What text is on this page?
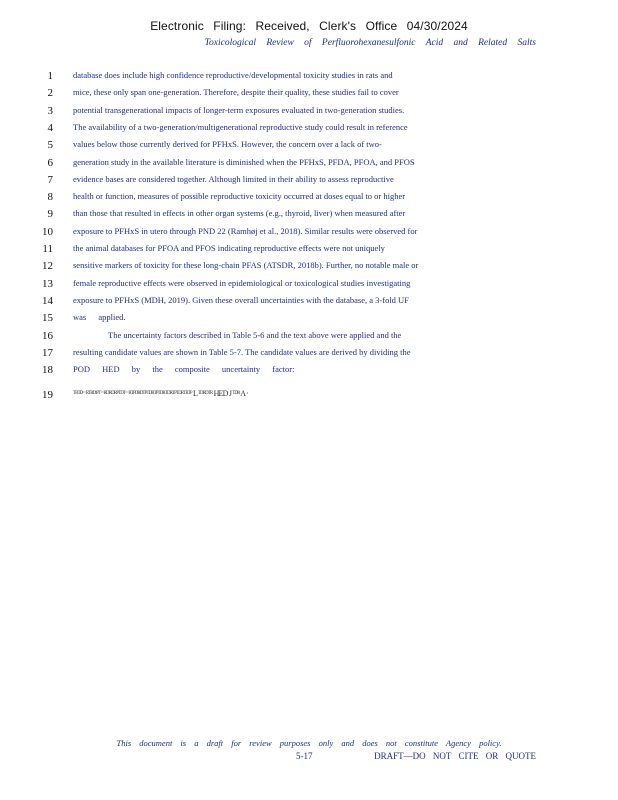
Electronic Filing: Received, Clerk's Office 04/30/2024
Toxicological Review of Perfluorohexanesulfonic Acid and Related Salts
1 database does include high confidence reproductive/developmental toxicity studies in rats and
2 mice, these only span one-generation. Therefore, despite their quality, these studies fail to cover
3 potential transgenerational impacts of longer-term exposures evaluated in two-generation studies.
4 The availability of a two-generation/multigenerational reproductive study could result in reference
5 values below those currently derived for PFHxS. However, the concern over a lack of two-
6 generation study in the available literature is diminished when the PFHxS, PFDA, PFOA, and PFOS
7 evidence bases are considered together. Although limited in their ability to assess reproductive
8 health or function, measures of possible reproductive toxicity occurred at doses equal to or higher
9 than those that resulted in effects in other organ systems (e.g., thyroid, liver) when measured after
10 exposure to PFHxS in utero through PND 22 (Ramhøj et al., 2018). Similar results were observed for
11 the animal databases for PFOA and PFOS indicating reproductive effects were not uniquely
12 sensitive markers of toxicity for these long-chain PFAS (ATSDR, 2018b). Further, no notable male or
13 female reproductive effects were observed in epidemiological or toxicological studies investigating
14 exposure to PFHxS (MDH, 2019). Given these overall uncertainties with the database, a 3-fold UF
15 was applied.
16	The uncertainty factors described in Table 5-6 and the text above were applied and the
17 resulting candidate values are shown in Table 5-7. The candidate values are derived by dividing the
18 POD HED by the composite uncertainty factor:
19	ᵀᴿᵀᴰ⁻ᴿᵀᴿᴰᵗᴾᵀ⁻ᴿᴰᴿᴰᴿᴾᵀᴰᵀ⁻ᴿᵀᴾᴰᴿᴰᵀᴾᵀᴰᴿᵀᴾᵀᴰᴿᵀᴰᴿᵀᴾᵀᴰᴿᵀᴿᵀᴾ L ᵀᴰᴿᴰᵀᴿ HED J ᵀᴰᴿ A ·
This document is a draft for review purposes only and does not constitute Agency policy.
5-17	DRAFT—DO NOT CITE OR QUOTE
